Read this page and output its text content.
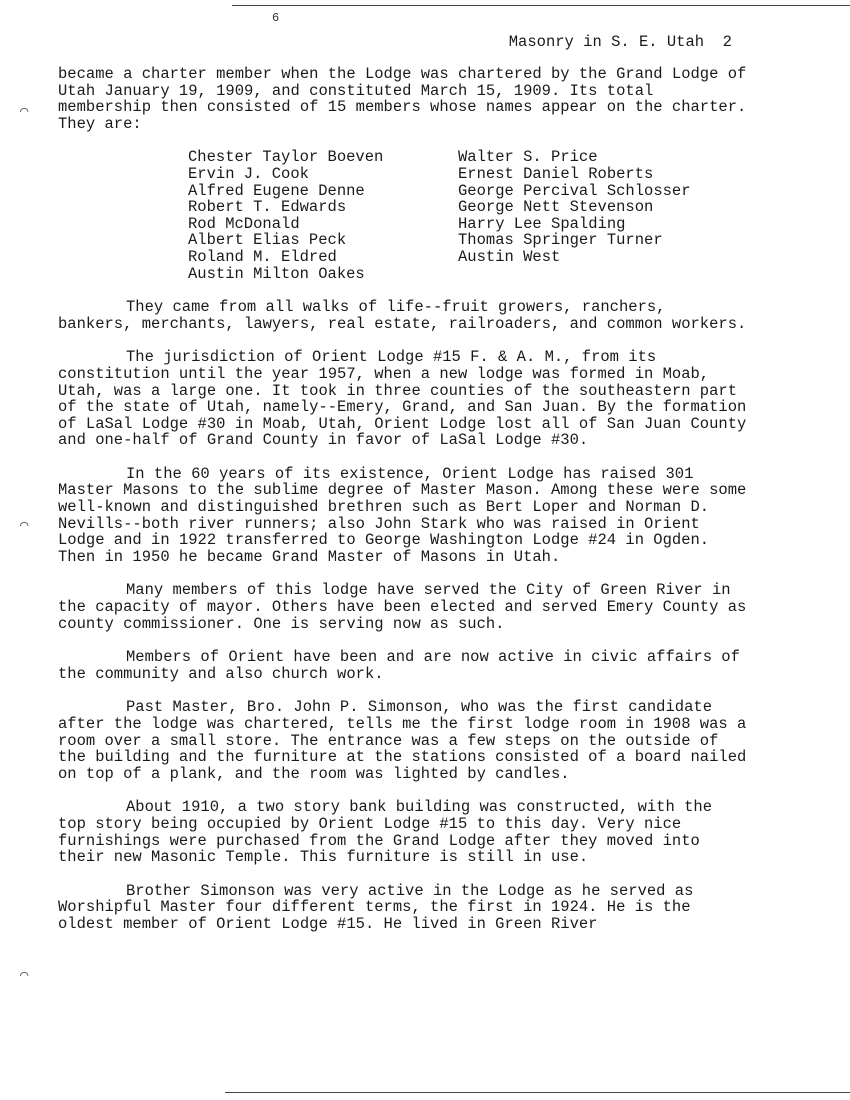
6
Masonry in S. E. Utah  2

became a charter member when the Lodge was chartered by the Grand Lodge of Utah January 19, 1909, and constituted March 15, 1909. Its total membership then consisted of 15 members whose names appear on the charter. They are:

Chester Taylor Boeven
Ervin J. Cook
Alfred Eugene Denne
Robert T. Edwards
Rod McDonald
Albert Elias Peck
Roland M. Eldred
Austin Milton Oakes
Walter S. Price
Ernest Daniel Roberts
George Percival Schlosser
George Nett Stevenson
Harry Lee Spalding
Thomas Springer Turner
Austin West

They came from all walks of life--fruit growers, ranchers, bankers, merchants, lawyers, real estate, railroaders, and common workers.

The jurisdiction of Orient Lodge #15 F. & A. M., from its constitution until the year 1957, when a new lodge was formed in Moab, Utah, was a large one. It took in three counties of the southeastern part of the state of Utah, namely--Emery, Grand, and San Juan. By the formation of LaSal Lodge #30 in Moab, Utah, Orient Lodge lost all of San Juan County and one-half of Grand County in favor of LaSal Lodge #30.

In the 60 years of its existence, Orient Lodge has raised 301 Master Masons to the sublime degree of Master Mason. Among these were some well-known and distinguished brethren such as Bert Loper and Norman D. Nevills--both river runners; also John Stark who was raised in Orient Lodge and in 1922 transferred to George Washington Lodge #24 in Ogden. Then in 1950 he became Grand Master of Masons in Utah.

Many members of this lodge have served the City of Green River in the capacity of mayor. Others have been elected and served Emery County as county commissioner. One is serving now as such.

Members of Orient have been and are now active in civic affairs of the community and also church work.

Past Master, Bro. John P. Simonson, who was the first candidate after the lodge was chartered, tells me the first lodge room in 1908 was a room over a small store. The entrance was a few steps on the outside of the building and the furniture at the stations consisted of a board nailed on top of a plank, and the room was lighted by candles.

About 1910, a two story bank building was constructed, with the top story being occupied by Orient Lodge #15 to this day. Very nice furnishings were purchased from the Grand Lodge after they moved into their new Masonic Temple. This furniture is still in use.

Brother Simonson was very active in the Lodge as he served as Worshipful Master four different terms, the first in 1924. He is the oldest member of Orient Lodge #15. He lived in Green River

⌒
⌒
⌒
